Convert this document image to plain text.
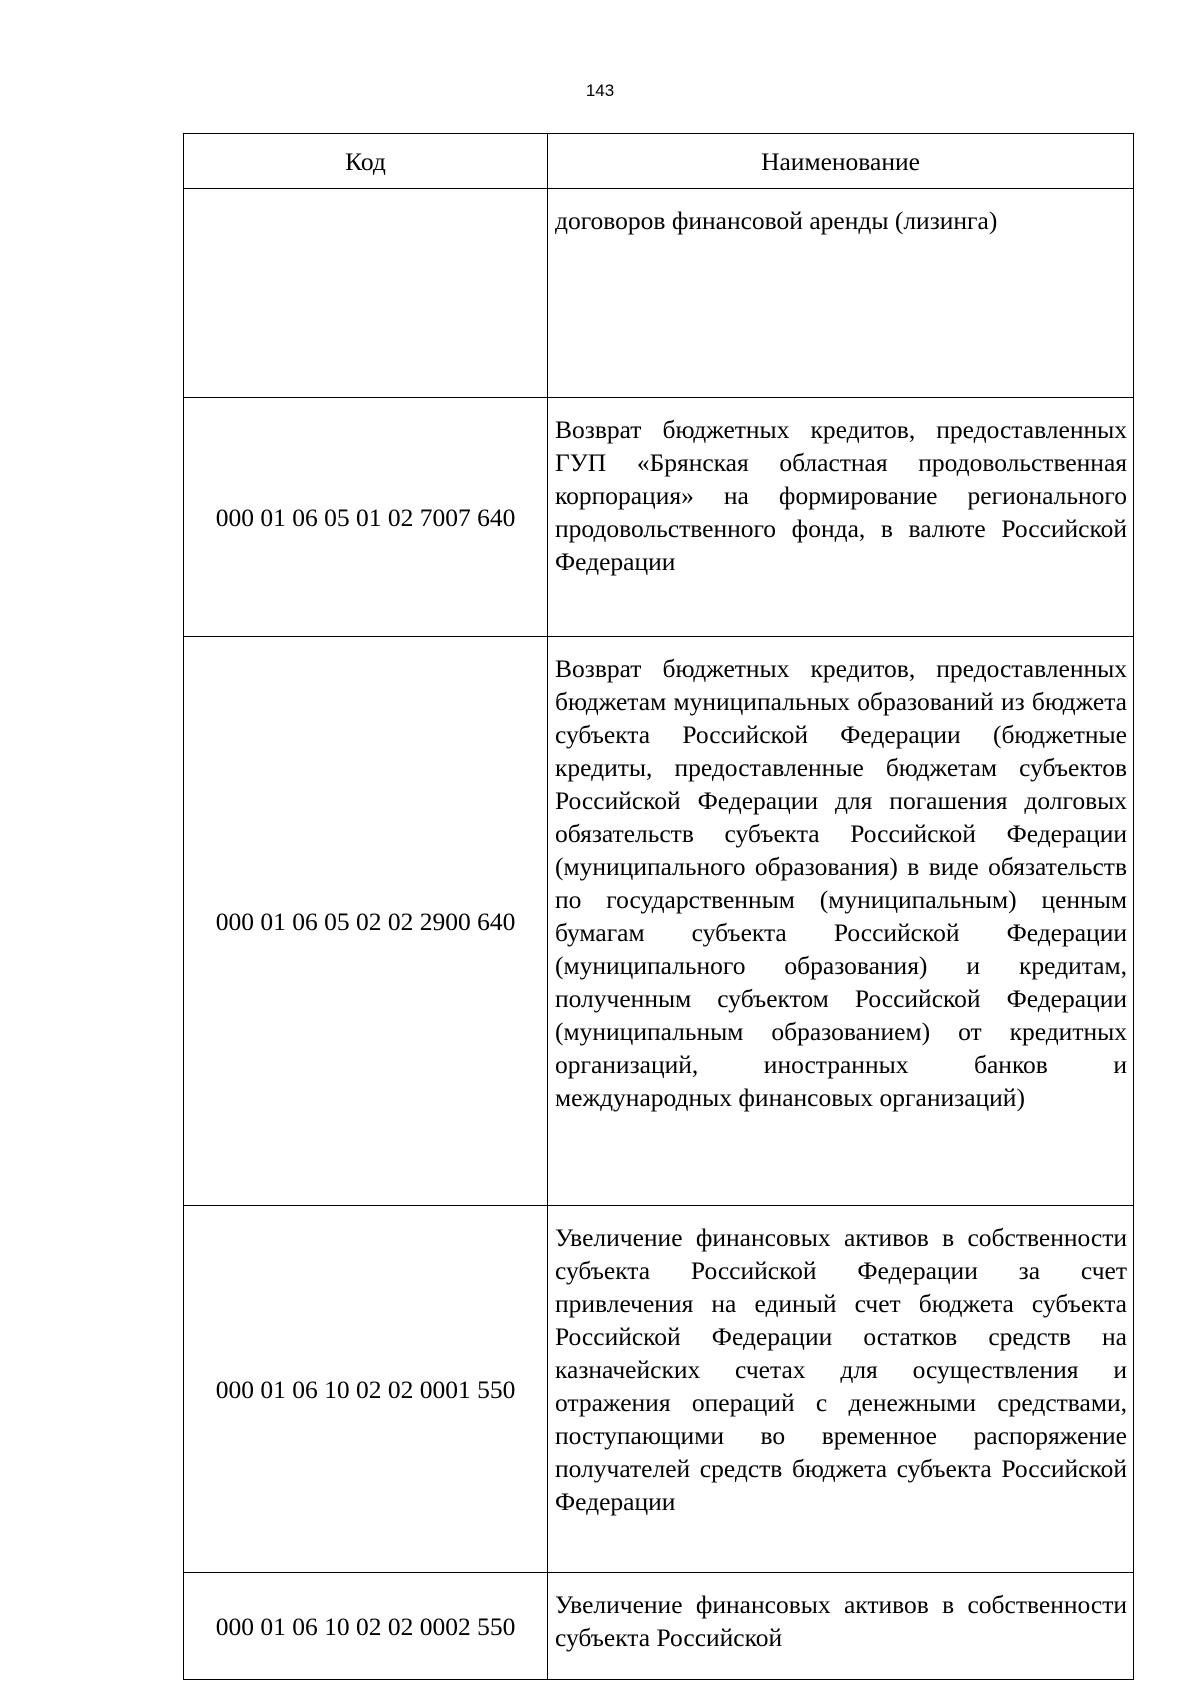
143
Код	Наименование

	договоров финансовой аренды (лизинга)

000 01 06 05 01 02 7007 640	Возврат бюджетных кредитов, предоставленных ГУП «Брянская областная продовольственная корпорация» на формирование регионального продовольственного фонда, в валюте Российской Федерации

000 01 06 05 02 02 2900 640	Возврат бюджетных кредитов, предоставленных бюджетам муниципальных образований из бюджета субъекта Российской Федерации (бюджетные кредиты, предоставленные бюджетам субъектов Российской Федерации для погашения долговых обязательств субъекта Российской Федерации (муниципального образования) в виде обязательств по государственным (муниципальным) ценным бумагам субъекта Российской Федерации (муниципального образования) и кредитам, полученным субъектом Российской Федерации (муниципальным образованием) от кредитных организаций, иностранных банков и международных финансовых организаций)

000 01 06 10 02 02 0001 550	Увеличение финансовых активов в собственности субъекта Российской Федерации за счет привлечения на единый счет бюджета субъекта Российской Федерации остатков средств на казначейских счетах для осуществления и отражения операций с денежными средствами, поступающими во временное распоряжение получателей средств бюджета субъекта Российской Федерации

000 01 06 10 02 02 0002 550	Увеличение финансовых активов в собственности субъекта Российской
